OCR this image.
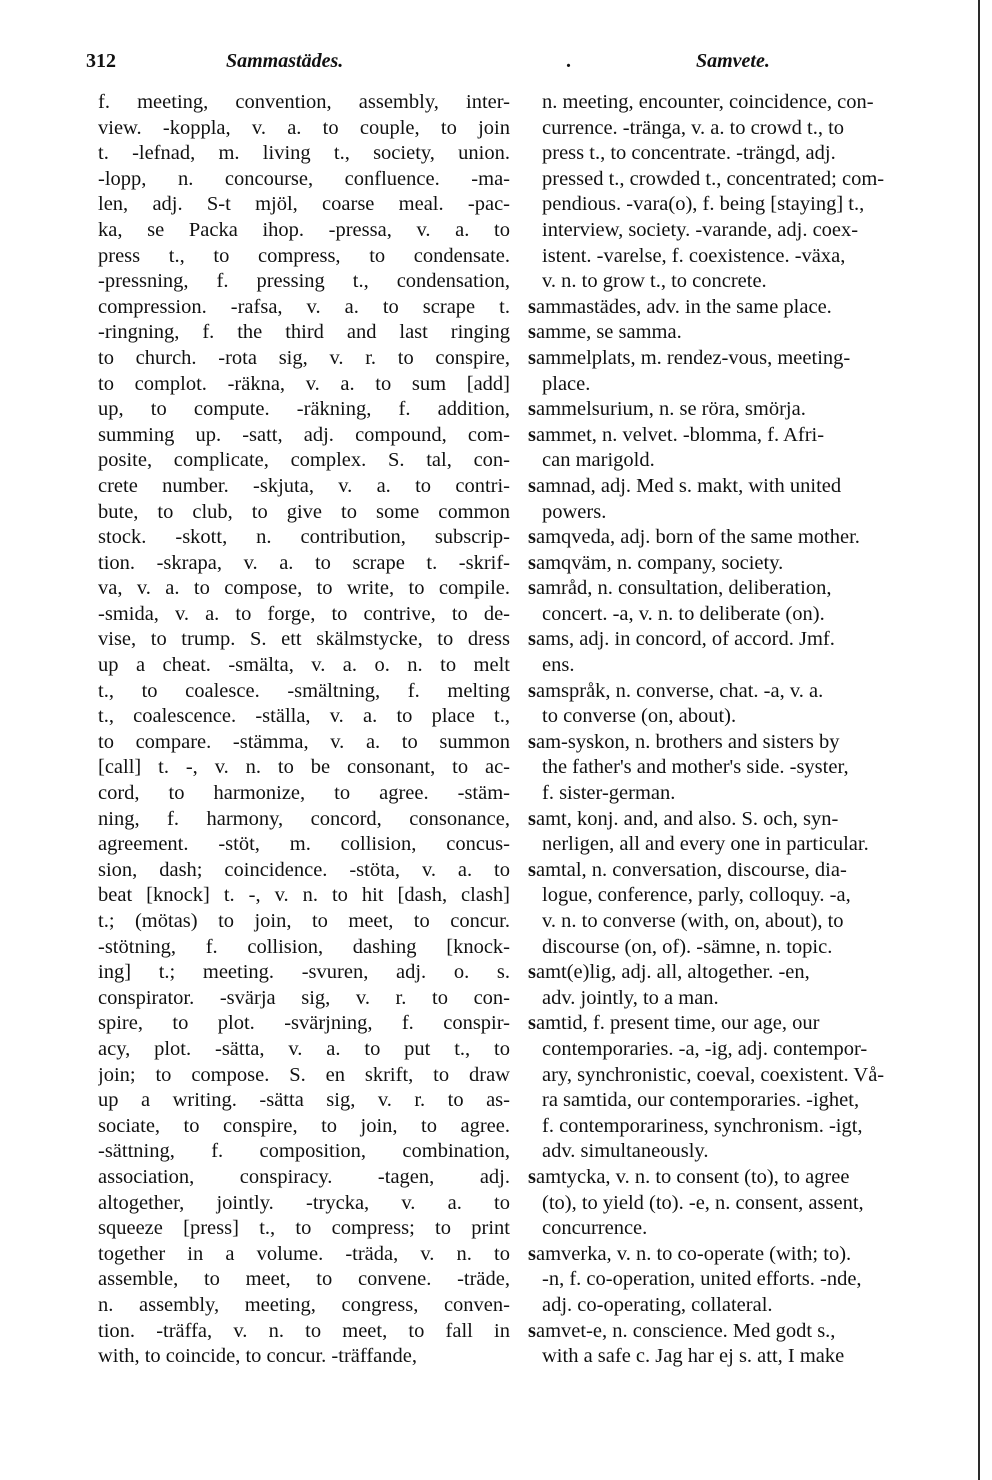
312	Sammastädes.	.	Samvete.
f. meeting, convention, assembly, inter-
view. -koppla, v. a. to couple, to join
t. -lefnad, m. living t., society, union.
-lopp, n. concourse, confluence. -ma-
len, adj. S-t mjöl, coarse meal. -pac-
ka, se Packa ihop. -pressa, v. a. to
press t., to compress, to condensate.
-pressning, f. pressing t., condensation,
compression. -rafsa, v. a. to scrape t.
-ringning, f. the third and last ringing
to church. -rota sig, v. r. to conspire,
to complot. -räkna, v. a. to sum [add]
up, to compute. -räkning, f. addition,
summing up. -satt, adj. compound, com-
posite, complicate, complex. S. tal, con-
crete number. -skjuta, v. a. to contri-
bute, to club, to give to some common
stock. -skott, n. contribution, subscrip-
tion. -skrapa, v. a. to scrape t. -skrif-
va, v. a. to compose, to write, to compile.
-smida, v. a. to forge, to contrive, to de-
vise, to trump. S. ett skälmstycke, to dress
up a cheat. -smälta, v. a. o. n. to melt
t., to coalesce. -smältning, f. melting
t., coalescence. -ställa, v. a. to place t.,
to compare. -stämma, v. a. to summon
[call] t. -, v. n. to be consonant, to ac-
cord, to harmonize, to agree. -stäm-
ning, f. harmony, concord, consonance,
agreement. -stöt, m. collision, concus-
sion, dash; coincidence. -stöta, v. a. to
beat [knock] t. -, v. n. to hit [dash, clash]
t.; (mötas) to join, to meet, to concur.
-stötning, f. collision, dashing [knock-
ing] t.; meeting. -svuren, adj. o. s.
conspirator. -svärja sig, v. r. to con-
spire, to plot. -svärjning, f. conspir-
acy, plot. -sätta, v. a. to put t., to
join; to compose. S. en skrift, to draw
up a writing. -sätta sig, v. r. to as-
sociate, to conspire, to join, to agree.
-sättning, f. composition, combination,
association, conspiracy. -tagen, adj.
altogether, jointly. -trycka, v. a. to
squeeze [press] t., to compress; to print
together in a volume. -träda, v. n. to
assemble, to meet, to convene. -träde,
n. assembly, meeting, congress, conven-
tion. -träffa, v. n. to meet, to fall in
with, to coincide, to concur. -träffande,
n. meeting, encounter, coincidence, con-
currence. -tränga, v. a. to crowd t., to
press t., to concentrate. -trängd, adj.
pressed t., crowded t., concentrated; com-
pendious. -vara(o), f. being [staying] t.,
interview, society. -varande, adj. coex-
istent. -varelse, f. coexistence. -växa,
v. n. to grow t., to concrete.
sammastädes, adv. in the same place.
samme, se samma.
sammelplats, m. rendez-vous, meeting-
place.
sammelsurium, n. se röra, smörja.
sammet, n. velvet. -blomma, f. Afri-
can marigold.
samnad, adj. Med s. makt, with united
powers.
samqveda, adj. born of the same mother.
samqväm, n. company, society.
samråd, n. consultation, deliberation,
concert. -a, v. n. to deliberate (on).
sams, adj. in concord, of accord. Jmf.
ens.
samspråk, n. converse, chat. -a, v. a.
to converse (on, about).
sam-syskon, n. brothers and sisters by
the father's and mother's side. -syster,
f. sister-german.
samt, konj. and, and also. S. och, syn-
nerligen, all and every one in particular.
samtal, n. conversation, discourse, dia-
logue, conference, parly, colloquy. -a,
v. n. to converse (with, on, about), to
discourse (on, of). -sämne, n. topic.
samt(e)lig, adj. all, altogether. -en,
adv. jointly, to a man.
samtid, f. present time, our age, our
contemporaries. -a, -ig, adj. contempor-
ary, synchronistic, coeval, coexistent. Vå-
ra samtida, our contemporaries. -ighet,
f. contemporariness, synchronism. -igt,
adv. simultaneously.
samtycka, v. n. to consent (to), to agree
(to), to yield (to). -e, n. consent, assent,
concurrence.
samverka, v. n. to co-operate (with; to).
-n, f. co-operation, united efforts. -nde,
adj. co-operating, collateral.
samvet-e, n. conscience. Med godt s.,
with a safe c. Jag har ej s. att, I make
